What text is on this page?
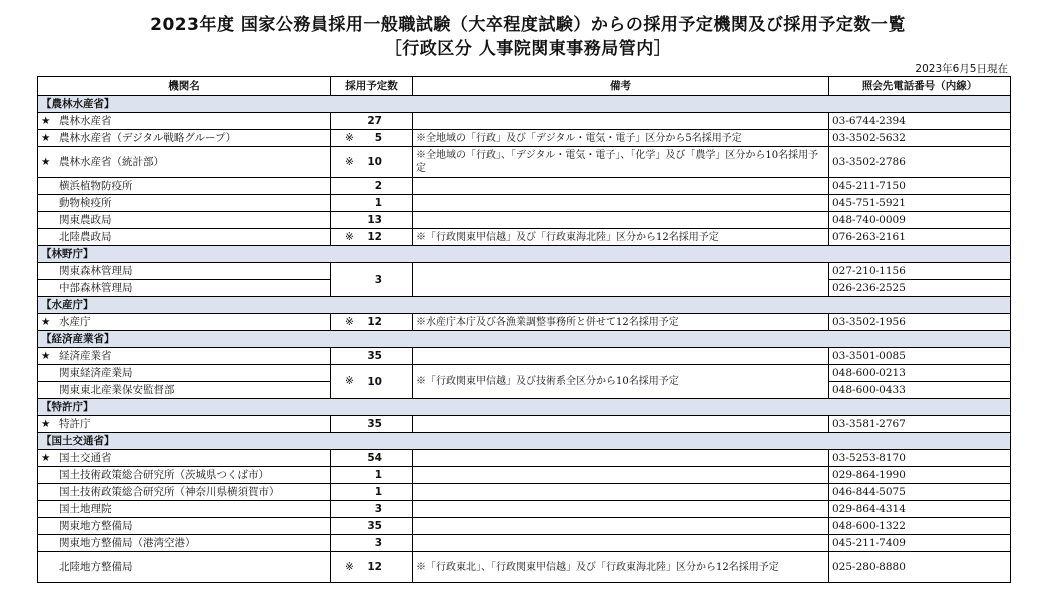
2023年度 国家公務員採用一般職試験（大卒程度試験）からの採用予定機関及び採用予定数一覧
［行政区分 人事院関東事務局管内］
2023年6月5日現在
機関名	採用予定数	備考	照会先電話番号（内線）
【農林水産省】			
★ 農林水産省	27		03-6744-2394
★ 農林水産省（デジタル戦略グループ）	※ 5	※全地域の「行政」及び「デジタル・電気・電子」区分から5名採用予定	03-3502-5632
★ 農林水産省（統計部）	※ 10	※全地域の「行政」、「デジタル・電気・電子」、「化学」及び「農学」区分から10名採用予定	03-3502-2786
横浜植物防疫所	2		045-211-7150
動物検疫所	1		045-751-5921
関東農政局	13		048-740-0009
北陸農政局	※ 12	※「行政関東甲信越」及び「行政東海北陸」区分から12名採用予定	076-263-2161
【林野庁】			
関東森林管理局	3		027-210-1156
中部森林管理局			026-236-2525
【水産庁】			
★ 水産庁	※ 12	※水産庁本庁及び各漁業調整事務所と併せて12名採用予定	03-3502-1956
【経済産業省】			
★ 経済産業省	35		03-3501-0085
関東経済産業局	※ 10	※「行政関東甲信越」及び技術系全区分から10名採用予定	048-600-0213
関東東北産業保安監督部			048-600-0433
【特許庁】			
★ 特許庁	35		03-3581-2767
【国土交通省】			
★ 国土交通省	54		03-5253-8170
国土技術政策総合研究所（茨城県つくば市）	1		029-864-1990
国土技術政策総合研究所（神奈川県横須賀市）	1		046-844-5075
国土地理院	3		029-864-4314
関東地方整備局	35		048-600-1322
関東地方整備局（港湾空港）	3		045-211-7409
北陸地方整備局	※ 12	※「行政東北」、「行政関東甲信越」及び「行政東海北陸」区分から12名採用予定	025-280-8880
